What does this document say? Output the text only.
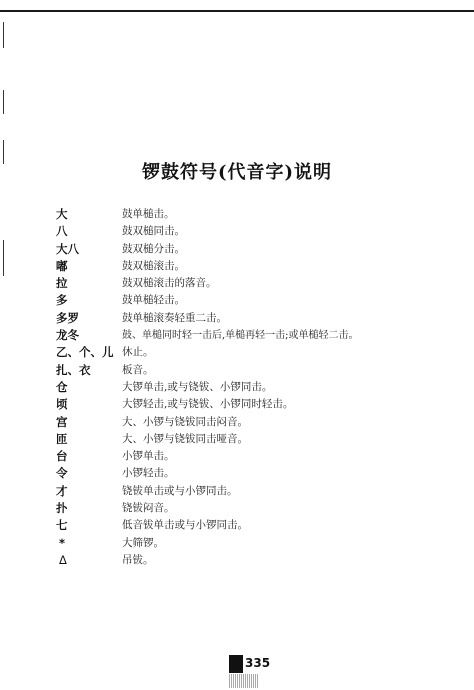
锣鼓符号(代音字)说明
大	鼓单槌击。
八	鼓双槌同击。
大八	鼓双槌分击。
嘟	鼓双槌滚击。
拉	鼓双槌滚击的落音。
多	鼓单槌轻击。
多罗	鼓单槌滚奏轻重二击。
龙冬	鼓、单槌同时轻一击后,单槌再轻一击;或单槌轻二击。
乙、个、儿 休止。
扎、衣	板音。
仓	大锣单击,或与铙钹、小锣同击。
顷	大锣轻击,或与铙钹、小锣同时轻击。
宫	大、小锣与铙钹同击闷音。
匝	大、小锣与铙钹同击哑音。
台	小锣单击。
令	小锣轻击。
才	铙钹单击或与小锣同击。
扑	铙钹闷音。
七	低音钹单击或与小锣同击。
*	大筛锣。
Δ	吊钹。
335
